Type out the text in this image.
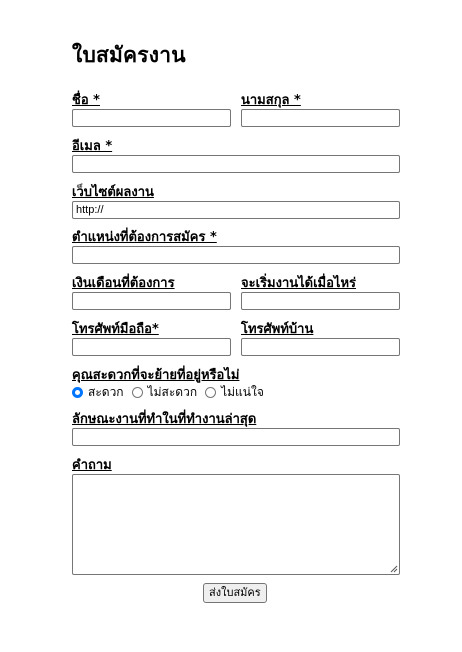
ใบสมัครงาน
ชื่อ *	นามสกุล *
อีเมล *
เว็บไซต์ผลงาน
http://
ตำแหน่งที่ต้องการสมัคร *
เงินเดือนที่ต้องการ	จะเริ่มงานได้เมื่อไหร่
โทรศัพท์มือถือ*	โทรศัพท์บ้าน
คุณสะดวกที่จะย้ายที่อยู่หรือไม่
สะดวก ไม่สะดวก ไม่แน่ใจ
ลักษณะงานที่ทำในที่ทำงานล่าสุด
คำถาม
ส่งใบสมัคร
